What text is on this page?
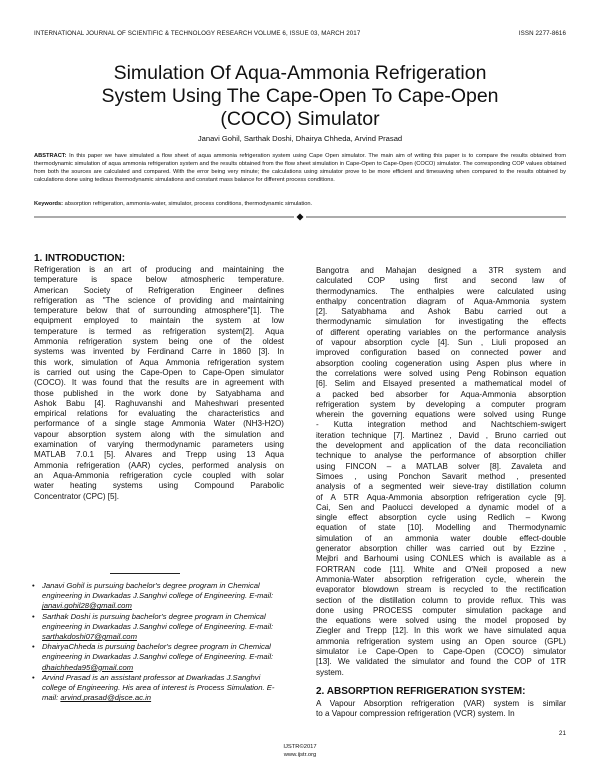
INTERNATIONAL JOURNAL OF SCIENTIFIC & TECHNOLOGY RESEARCH VOLUME 6, ISSUE 03, MARCH 2017	ISSN 2277-8616
Simulation Of Aqua-Ammonia Refrigeration
System Using The Cape-Open To Cape-Open
(COCO) Simulator
Janavi Gohil, Sarthak Doshi, Dhairya Chheda, Arvind Prasad
ABSTRACT: In this paper we have simulated a flow sheet of aqua ammonia refrigeration system using Cape Open simulator. The main aim of writing this paper is to compare the results obtained from thermodynamic simulation of aqua ammonia refrigeration system and the results obtained from the flow sheet simulation in Cape-Open to Cape-Open (COCO) simulator. The corresponding COP values obtained from both the sources are calculated and compared. With the error being very minute; the calculations using simulator prove to be more efficient and timesaving when compared to the results obtained by calculations done using tedious thermodynamic simulations and constant mass balance for different process conditions.
Keywords: absorption refrigeration, ammonia-water, simulator, process conditions, thermodynamic simulation.
1. INTRODUCTION:
Refrigeration is an art of producing and maintaining the
temperature is space below atmospheric temperature.
American Society of Refrigeration Engineer defines
refrigeration as "The science of providing and maintaining
temperature below that of surrounding atmosphere"[1]. The
equipment employed to maintain the system at low
temperature is termed as refrigeration system[2]. Aqua
Ammonia refrigeration system being one of the oldest
systems was invented by Ferdinand Carre in 1860 [3]. In
this work, simulation of Aqua Ammonia refrigeration system
is carried out using the Cape-Open to Cape-Open simulator
(COCO). It was found that the results are in agreement with
those published in the work done by Satyabhama and
Ashok Babu [4]. Raghuvanshi and Maheshwari presented
empirical relations for evaluating the characteristics and
performance of a single stage Ammonia Water (NH3-H2O)
vapour absorption system along with the simulation and
examination of varying thermodynamic parameters using
MATLAB 7.0.1 [5]. Alvares and Trepp using 13 Aqua
Ammonia refrigeration (AAR) cycles, performed analysis on
an Aqua-Ammonia refrigeration cycle coupled with solar
water heating systems using Compound Parabolic
Concentrator (CPC) [5].
• Janavi Gohil is pursuing bachelor's degree program in Chemical engineering in Dwarkadas J.Sanghvi college of Engineering. E-mail: janavi.gohil28@gmail.com
• Sarthak Doshi is pursuing bachelor's degree program in Chemical engineering in Dwarkadas J.Sanghvi college of Engineering. E-mail: sarthakdoshi07@gmail.com
• DhairyaChheda is pursuing bachelor's degree program in Chemical engineering in Dwarkadas J.Sanghvi college of Engineering. E-mail: dhaichheda95@gmail.com
• Arvind Prasad is an assistant professor at Dwarkadas J.Sanghvi college of Engineering. His area of interest is Process Simulation. E-mail: arvind.prasad@djsce.ac.in
Bangotra and Mahajan designed a 3TR system and
calculated COP using first and second law of
thermodynamics. The enthalpies were calculated using
enthalpy concentration diagram of Aqua-Ammonia system
[2]. Satyabhama and Ashok Babu carried out a
thermodynamic simulation for investigating the effects
of different operating variables on the performance analysis
of vapour absorption cycle [4]. Sun , Liuli proposed an
improved configuration based on connected power and
absorption cooling cogeneration using Aspen plus where in
the correlations were solved using Peng Robinson equation
[6]. Selim and Elsayed presented a mathematical model of
a packed bed absorber for Aqua-Ammonia absorption
refrigeration system by developing a computer program
wherein the governing equations were solved using Runge
- Kutta integration method and Nachtschiem-swigert
iteration technique [7]. Martinez , David , Bruno carried out
the development and application of the data reconciliation
technique to analyse the performance of absorption chiller
using FINCON – a MATLAB solver [8]. Zavaleta and
Simoes , using Ponchon Savarit method , presented
analysis of a segmented weir sieve-tray distillation column
of A 5TR Aqua-Ammonia absorption refrigeration cycle [9].
Cai, Sen and Paolucci developed a dynamic model of a
single effect absorption cycle using Redlich – Kwong
equation of state [10]. Modelling and Thermodynamic
simulation of an ammonia water double effect-double
generator absorption chiller was carried out by Ezzine ,
Mejbri and Barhoumi using CONLES which is available as a
FORTRAN code [11]. White and O'Neil proposed a new
Ammonia-Water absorption refrigeration cycle, wherein the
evaporator blowdown stream is recycled to the rectification
section of the distillation column to provide reflux. This was
done using PROCESS computer simulation package and
the equations were solved using the model proposed by
Ziegler and Trepp [12]. In this work we have simulated aqua
ammonia refrigeration system using an Open source (GPL)
simulator i.e Cape-Open to Cape-Open (COCO) simulator
[13]. We validated the simulator and found the COP of 1TR
system.
2. ABSORPTION REFRIGERATION SYSTEM:
A Vapour Absorption refrigeration (VAR) system is similar
to a Vapour compression refrigeration (VCR) system. In
21
IJSTR©2017
www.ijstr.org
